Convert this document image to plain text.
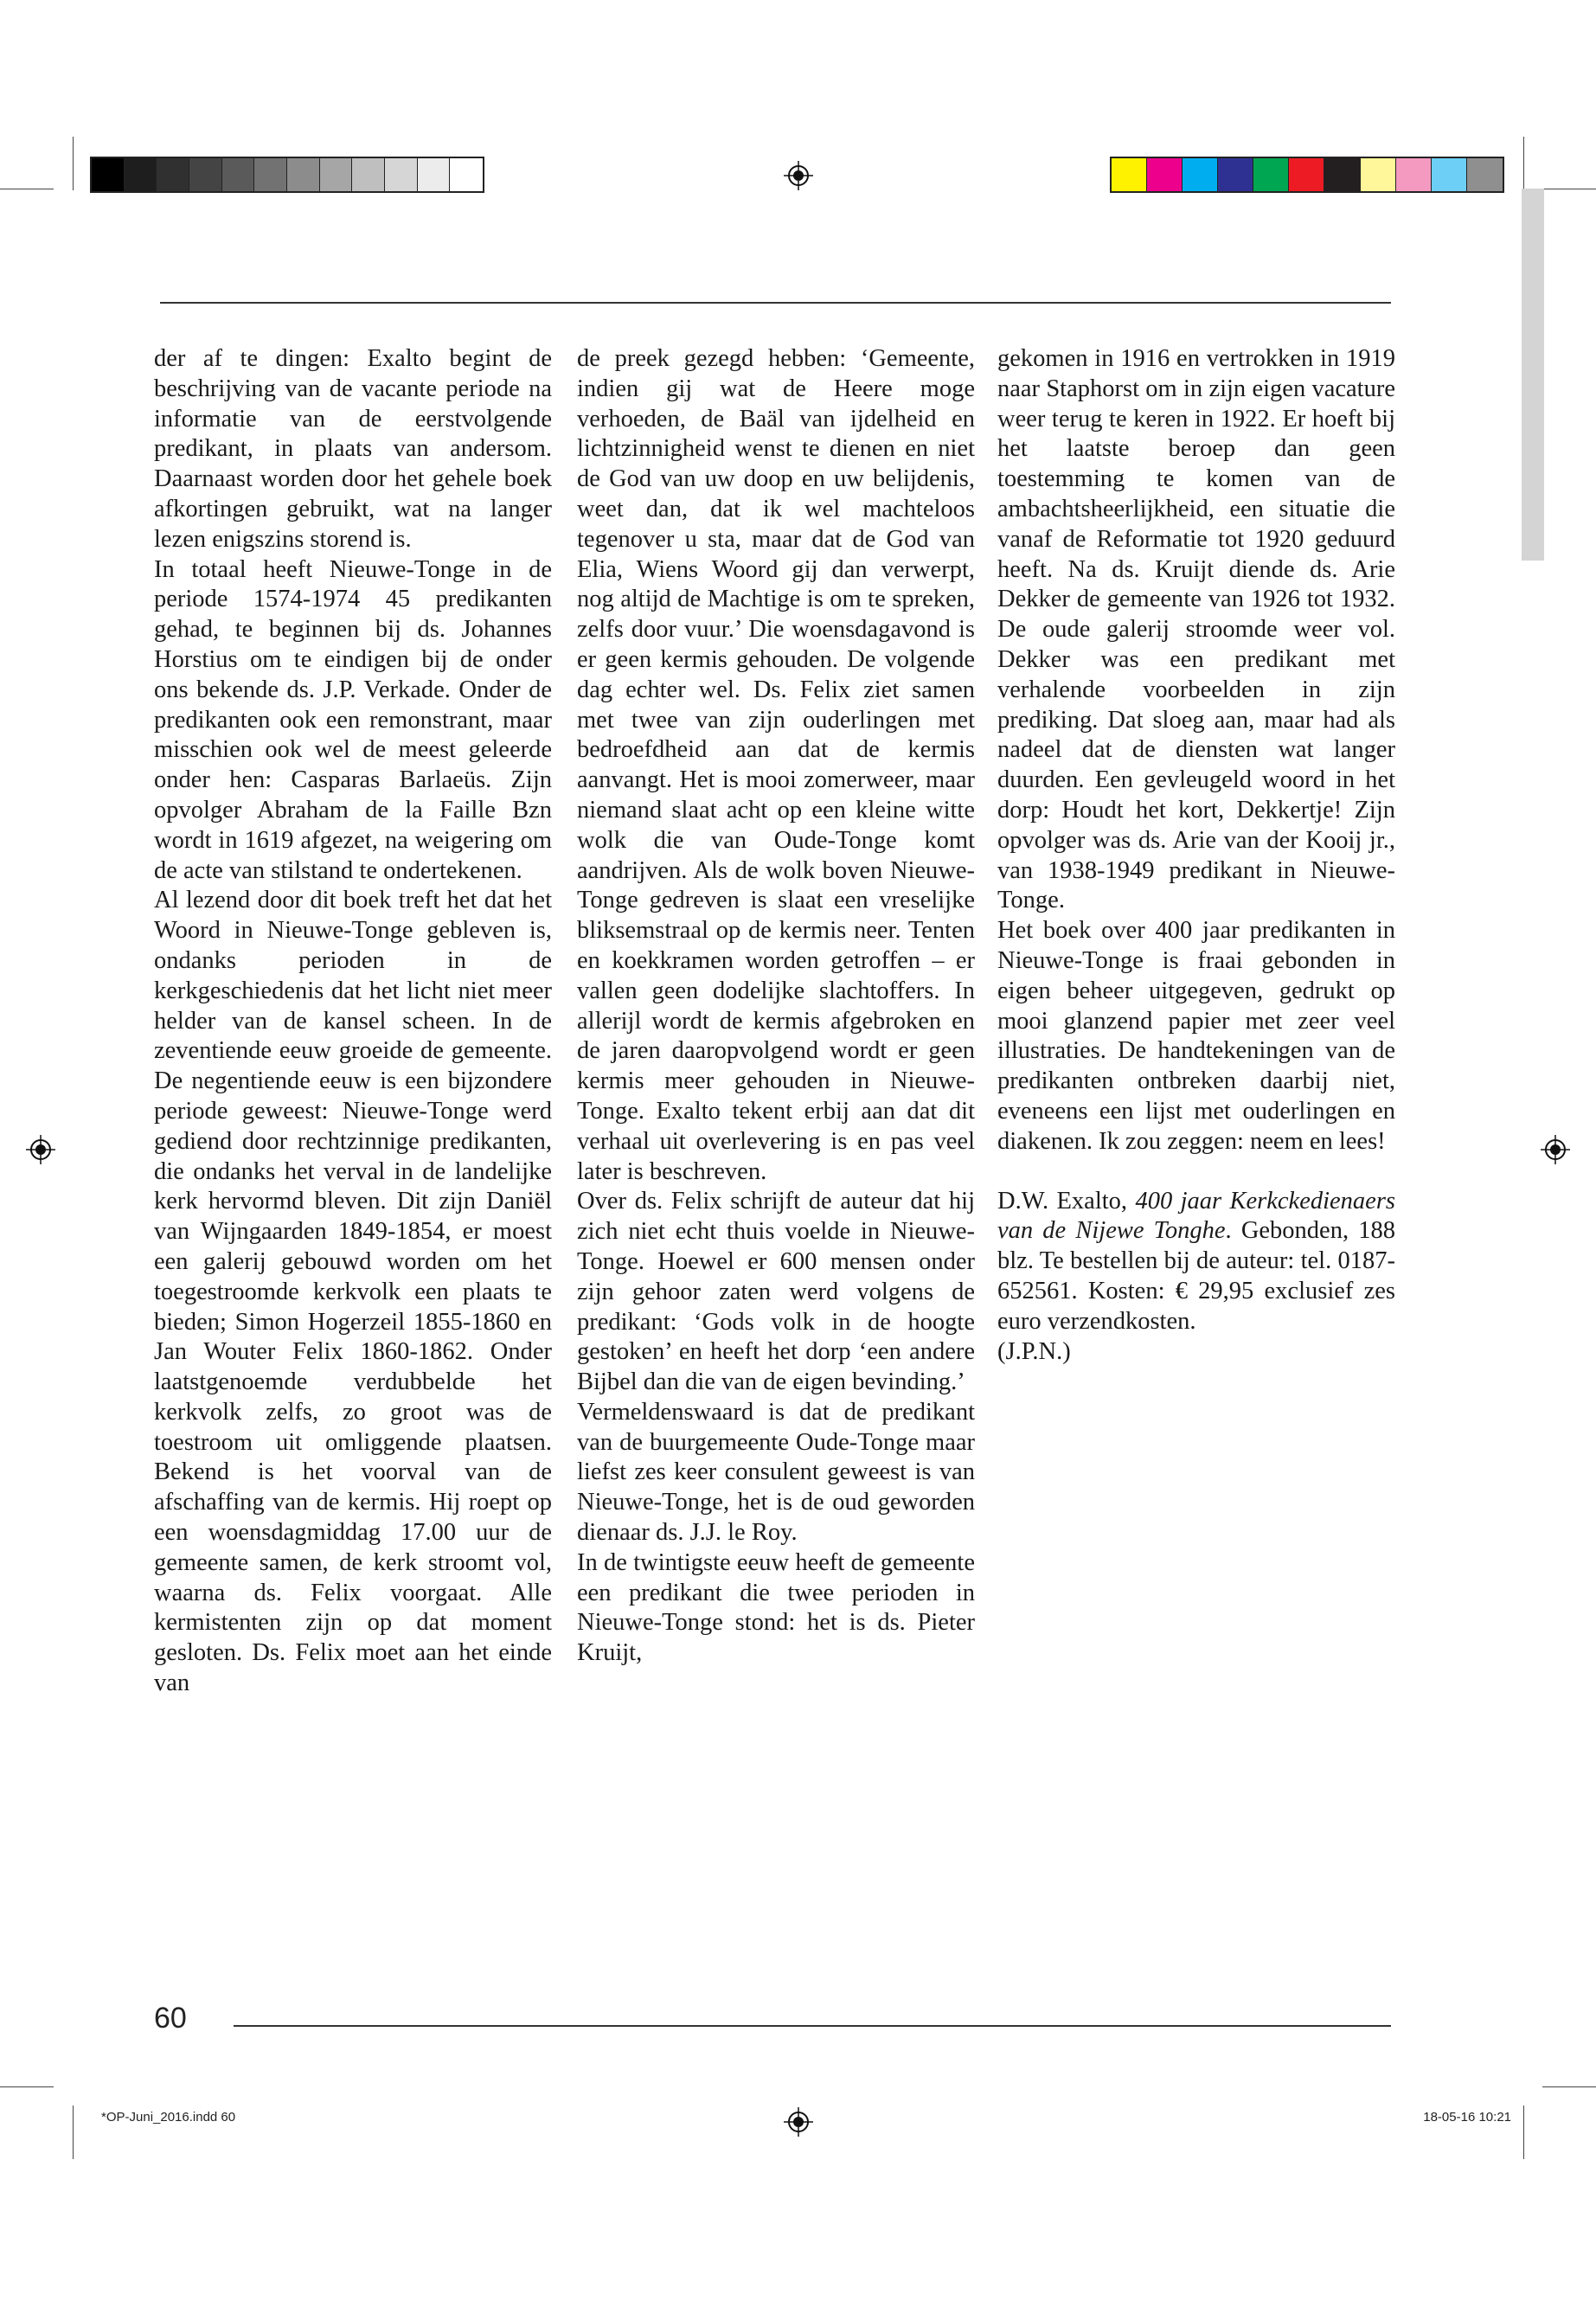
der af te dingen: Exalto begint de beschrijving van de vacante periode na informatie van de eerstvolgende predikant, in plaats van andersom. Daarnaast worden door het gehele boek afkortingen gebruikt, wat na langer lezen enigszins storend is.

In totaal heeft Nieuwe-Tonge in de periode 1574-1974 45 predikanten gehad, te beginnen bij ds. Johannes Horstius om te eindigen bij de onder ons bekende ds. J.P. Verkade. Onder de predikanten ook een remonstrant, maar misschien ook wel de meest geleerde onder hen: Casparas Barlaeüs. Zijn opvolger Abraham de la Faille Bzn wordt in 1619 afgezet, na weigering om de acte van stilstand te ondertekenen.

Al lezend door dit boek treft het dat het Woord in Nieuwe-Tonge gebleven is, ondanks perioden in de kerkgeschiedenis dat het licht niet meer helder van de kansel scheen. In de zeventiende eeuw groeide de gemeente. De negentiende eeuw is een bijzondere periode geweest: Nieuwe-Tonge werd gediend door rechtzinnige predikanten, die ondanks het verval in de landelijke kerk hervormd bleven. Dit zijn Daniël van Wijngaarden 1849-1854, er moest een galerij gebouwd worden om het toegestroomde kerkvolk een plaats te bieden; Simon Hogerzeil 1855-1860 en Jan Wouter Felix 1860-1862. Onder laatstgenoemde verdubbelde het kerkvolk zelfs, zo groot was de toestroom uit omliggende plaatsen. Bekend is het voorval van de afschaffing van de kermis. Hij roept op een woensdagmiddag 17.00 uur de gemeente samen, de kerk stroomt vol, waarna ds. Felix voorgaat. Alle kermistenten zijn op dat moment gesloten. Ds. Felix moet aan het einde van

de preek gezegd hebben: ‘Gemeente, indien gij wat de Heere moge verhoeden, de Baäl van ijdelheid en lichtzinnigheid wenst te dienen en niet de God van uw doop en uw belijdenis, weet dan, dat ik wel machteloos tegenover u sta, maar dat de God van Elia, Wiens Woord gij dan verwerpt, nog altijd de Machtige is om te spreken, zelfs door vuur.’ Die woensdagavond is er geen kermis gehouden. De volgende dag echter wel. Ds. Felix ziet samen met twee van zijn ouderlingen met bedroefdheid aan dat de kermis aanvangt. Het is mooi zomerweer, maar niemand slaat acht op een kleine witte wolk die van Oude-Tonge komt aandrijven. Als de wolk boven Nieuwe-Tonge gedreven is slaat een vreselijke bliksemstraal op de kermis neer. Tenten en koekkramen worden getroffen – er vallen geen dodelijke slachtoffers. In allerijl wordt de kermis afgebroken en de jaren daaropvolgend wordt er geen kermis meer gehouden in Nieuwe-Tonge. Exalto tekent erbij aan dat dit verhaal uit overlevering is en pas veel later is beschreven.

Over ds. Felix schrijft de auteur dat hij zich niet echt thuis voelde in Nieuwe-Tonge. Hoewel er 600 mensen onder zijn gehoor zaten werd volgens de predikant: ‘Gods volk in de hoogte gestoken’ en heeft het dorp ‘een andere Bijbel dan die van de eigen bevinding.’

Vermeldenswaard is dat de predikant van de buurgemeente Oude-Tonge maar liefst zes keer consulent geweest is van Nieuwe-Tonge, het is de oud geworden dienaar ds. J.J. le Roy.

In de twintigste eeuw heeft de gemeente een predikant die twee perioden in Nieuwe-Tonge stond: het is ds. Pieter Kruijt,

gekomen in 1916 en vertrokken in 1919 naar Staphorst om in zijn eigen vacature weer terug te keren in 1922. Er hoeft bij het laatste beroep dan geen toestemming te komen van de ambachtsheerlijkheid, een situatie die vanaf de Reformatie tot 1920 geduurd heeft. Na ds. Kruijt diende ds. Arie Dekker de gemeente van 1926 tot 1932. De oude galerij stroomde weer vol. Dekker was een predikant met verhalende voorbeelden in zijn prediking. Dat sloeg aan, maar had als nadeel dat de diensten wat langer duurden. Een gevleugeld woord in het dorp: Houdt het kort, Dekkertje! Zijn opvolger was ds. Arie van der Kooij jr., van 1938-1949 predikant in Nieuwe-Tonge.

Het boek over 400 jaar predikanten in Nieuwe-Tonge is fraai gebonden in eigen beheer uitgegeven, gedrukt op mooi glanzend papier met zeer veel illustraties. De handtekeningen van de predikanten ontbreken daarbij niet, eveneens een lijst met ouderlingen en diakenen. Ik zou zeggen: neem en lees!

D.W. Exalto, 400 jaar Kerkckedienaers van de Nijewe Tonghe. Gebonden, 188 blz. Te bestellen bij de auteur: tel. 0187-652561. Kosten: € 29,95 exclusief zes euro verzendkosten.

(J.P.N.)

60
*OP-Juni_2016.indd 60	18-05-16 10:21
